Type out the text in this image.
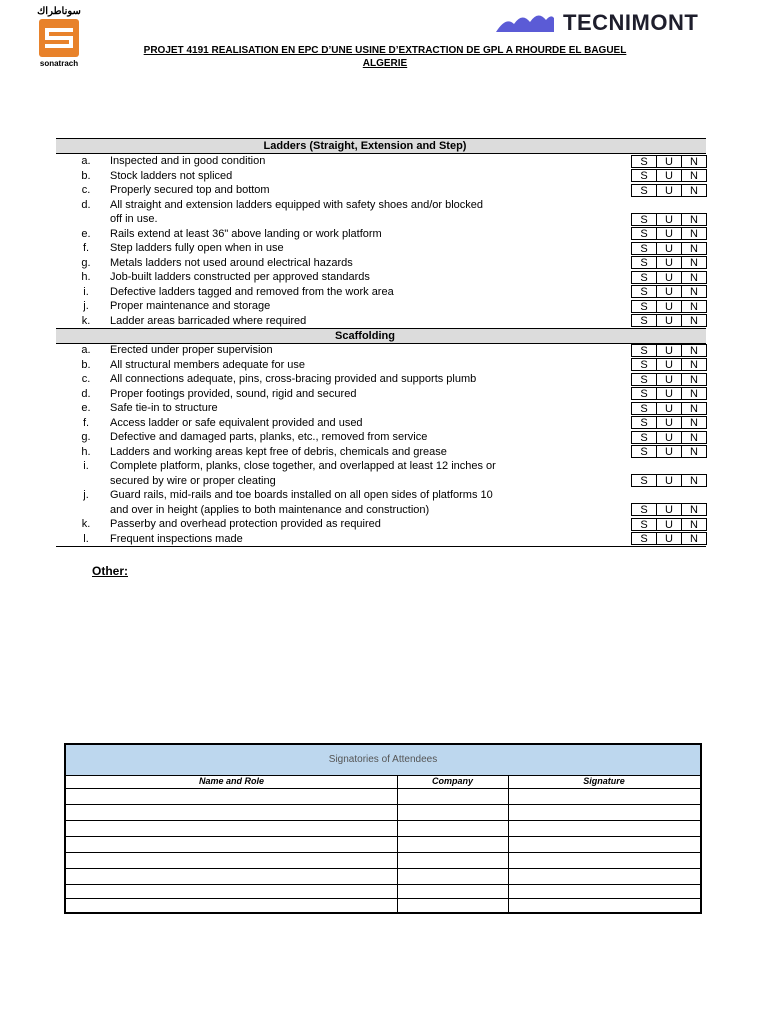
سوناطراك
sonatrach
TECNIMONT
PROJET 4191 REALISATION EN EPC D’UNE USINE D’EXTRACTION DE GPL A RHOURDE EL BAGUEL
ALGERIE
Ladders (Straight, Extension and Step)
a.	Inspected and in good condition	S	U	N
b.	Stock ladders not spliced	S	U	N
c.	Properly secured top and bottom	S	U	N
d.	All straight and extension ladders equipped with safety shoes and/or blocked
off in use.	S	U	N
e.	Rails extend at least 36" above landing or work platform	S	U	N
f.	Step ladders fully open when in use	S	U	N
g.	Metals ladders not used around electrical hazards	S	U	N
h.	Job-built ladders constructed per approved standards	S	U	N
i.	Defective ladders tagged and removed from the work area	S	U	N
j.	Proper maintenance and storage	S	U	N
k.	Ladder areas barricaded where required	S	U	N
a.	Erected under proper supervision	S	U	N
b.	All structural members adequate for use	S	U	N
c.	All connections adequate, pins, cross-bracing provided and supports plumb	S	U	N
d.	Proper footings provided, sound, rigid and secured	S	U	N
e.	Safe tie-in to structure	S	U	N
f.	Access ladder or safe equivalent provided and used	S	U	N
g.	Defective and damaged parts, planks, etc., removed from service	S	U	N
h.	Ladders and working areas kept free of debris, chemicals and grease	S	U	N
i.	Complete platform, planks, close together, and overlapped at least 12 inches or
secured by wire or proper cleating	S	U	N
j.	Guard rails, mid-rails and toe boards installed on all open sides of platforms 10
and over in height (applies to both maintenance and construction)	S	U	N
k.	Passerby and overhead protection provided as required	S	U	N
l.	Frequent inspections made	S	U	N
Scaffolding
Other:
Signatories of Attendees
Name and Role	Company	Signature
